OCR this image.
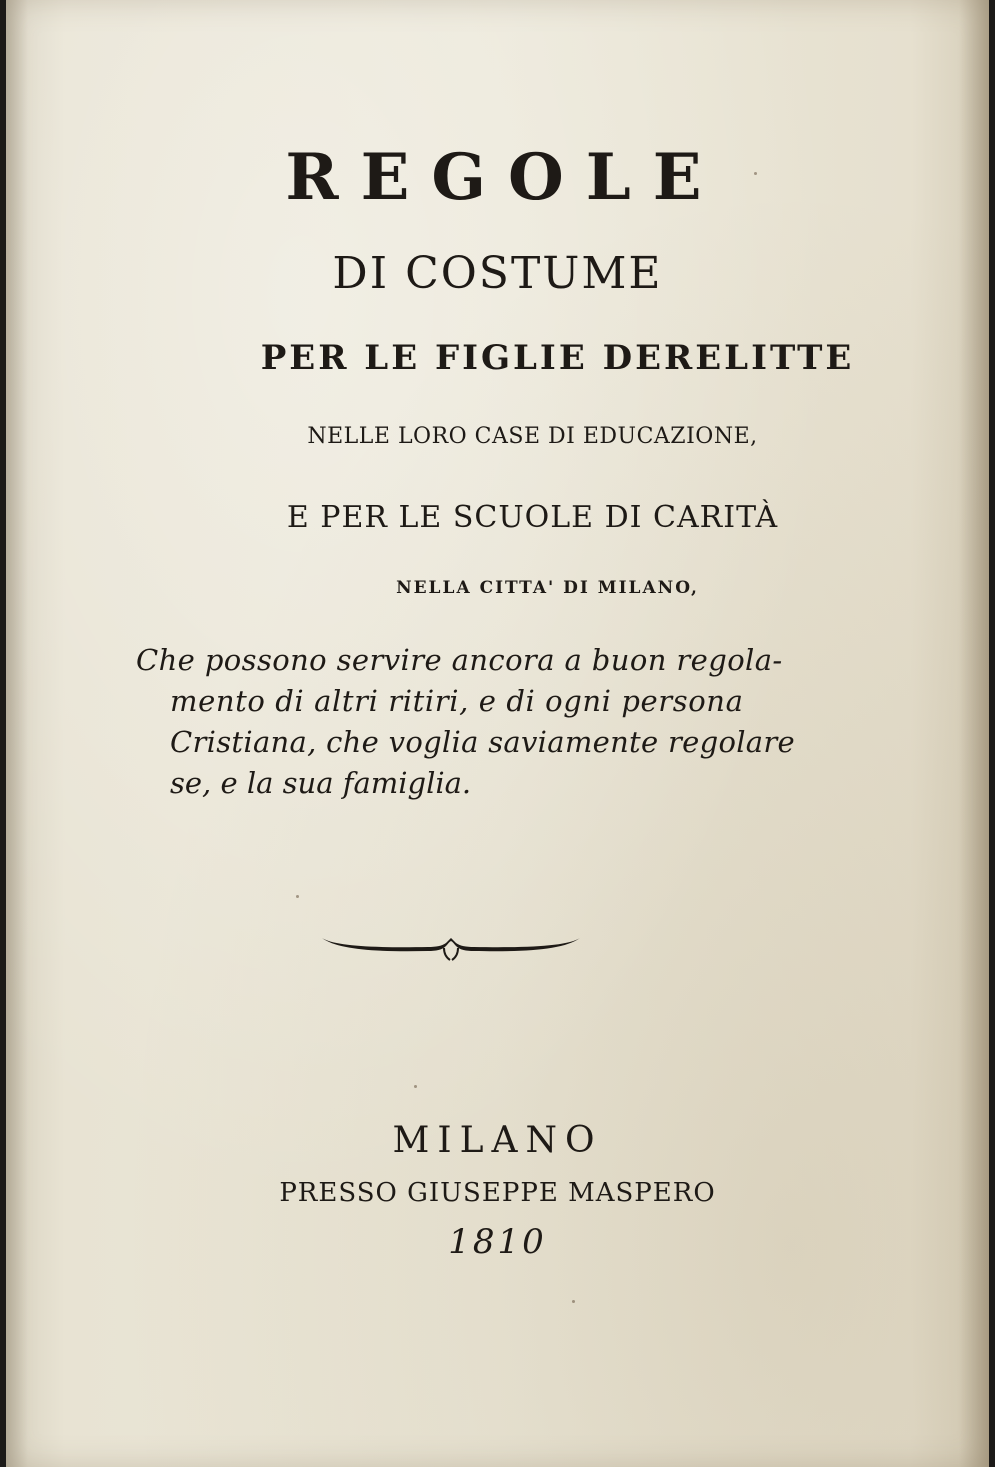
REGOLE
DI COSTUME
PER LE FIGLIE DERELITTE
NELLE LORO CASE DI EDUCAZIONE,
E PER LE SCUOLE DI CARITÀ
NELLA CITTA' DI MILANO,

Che possono servire ancora a buon regola-
mento di altri ritiri, e di ogni persona
Cristiana, che voglia saviamente regolare
se, e la sua famiglia.

MILANO
PRESSO GIUSEPPE MASPERO
1810
